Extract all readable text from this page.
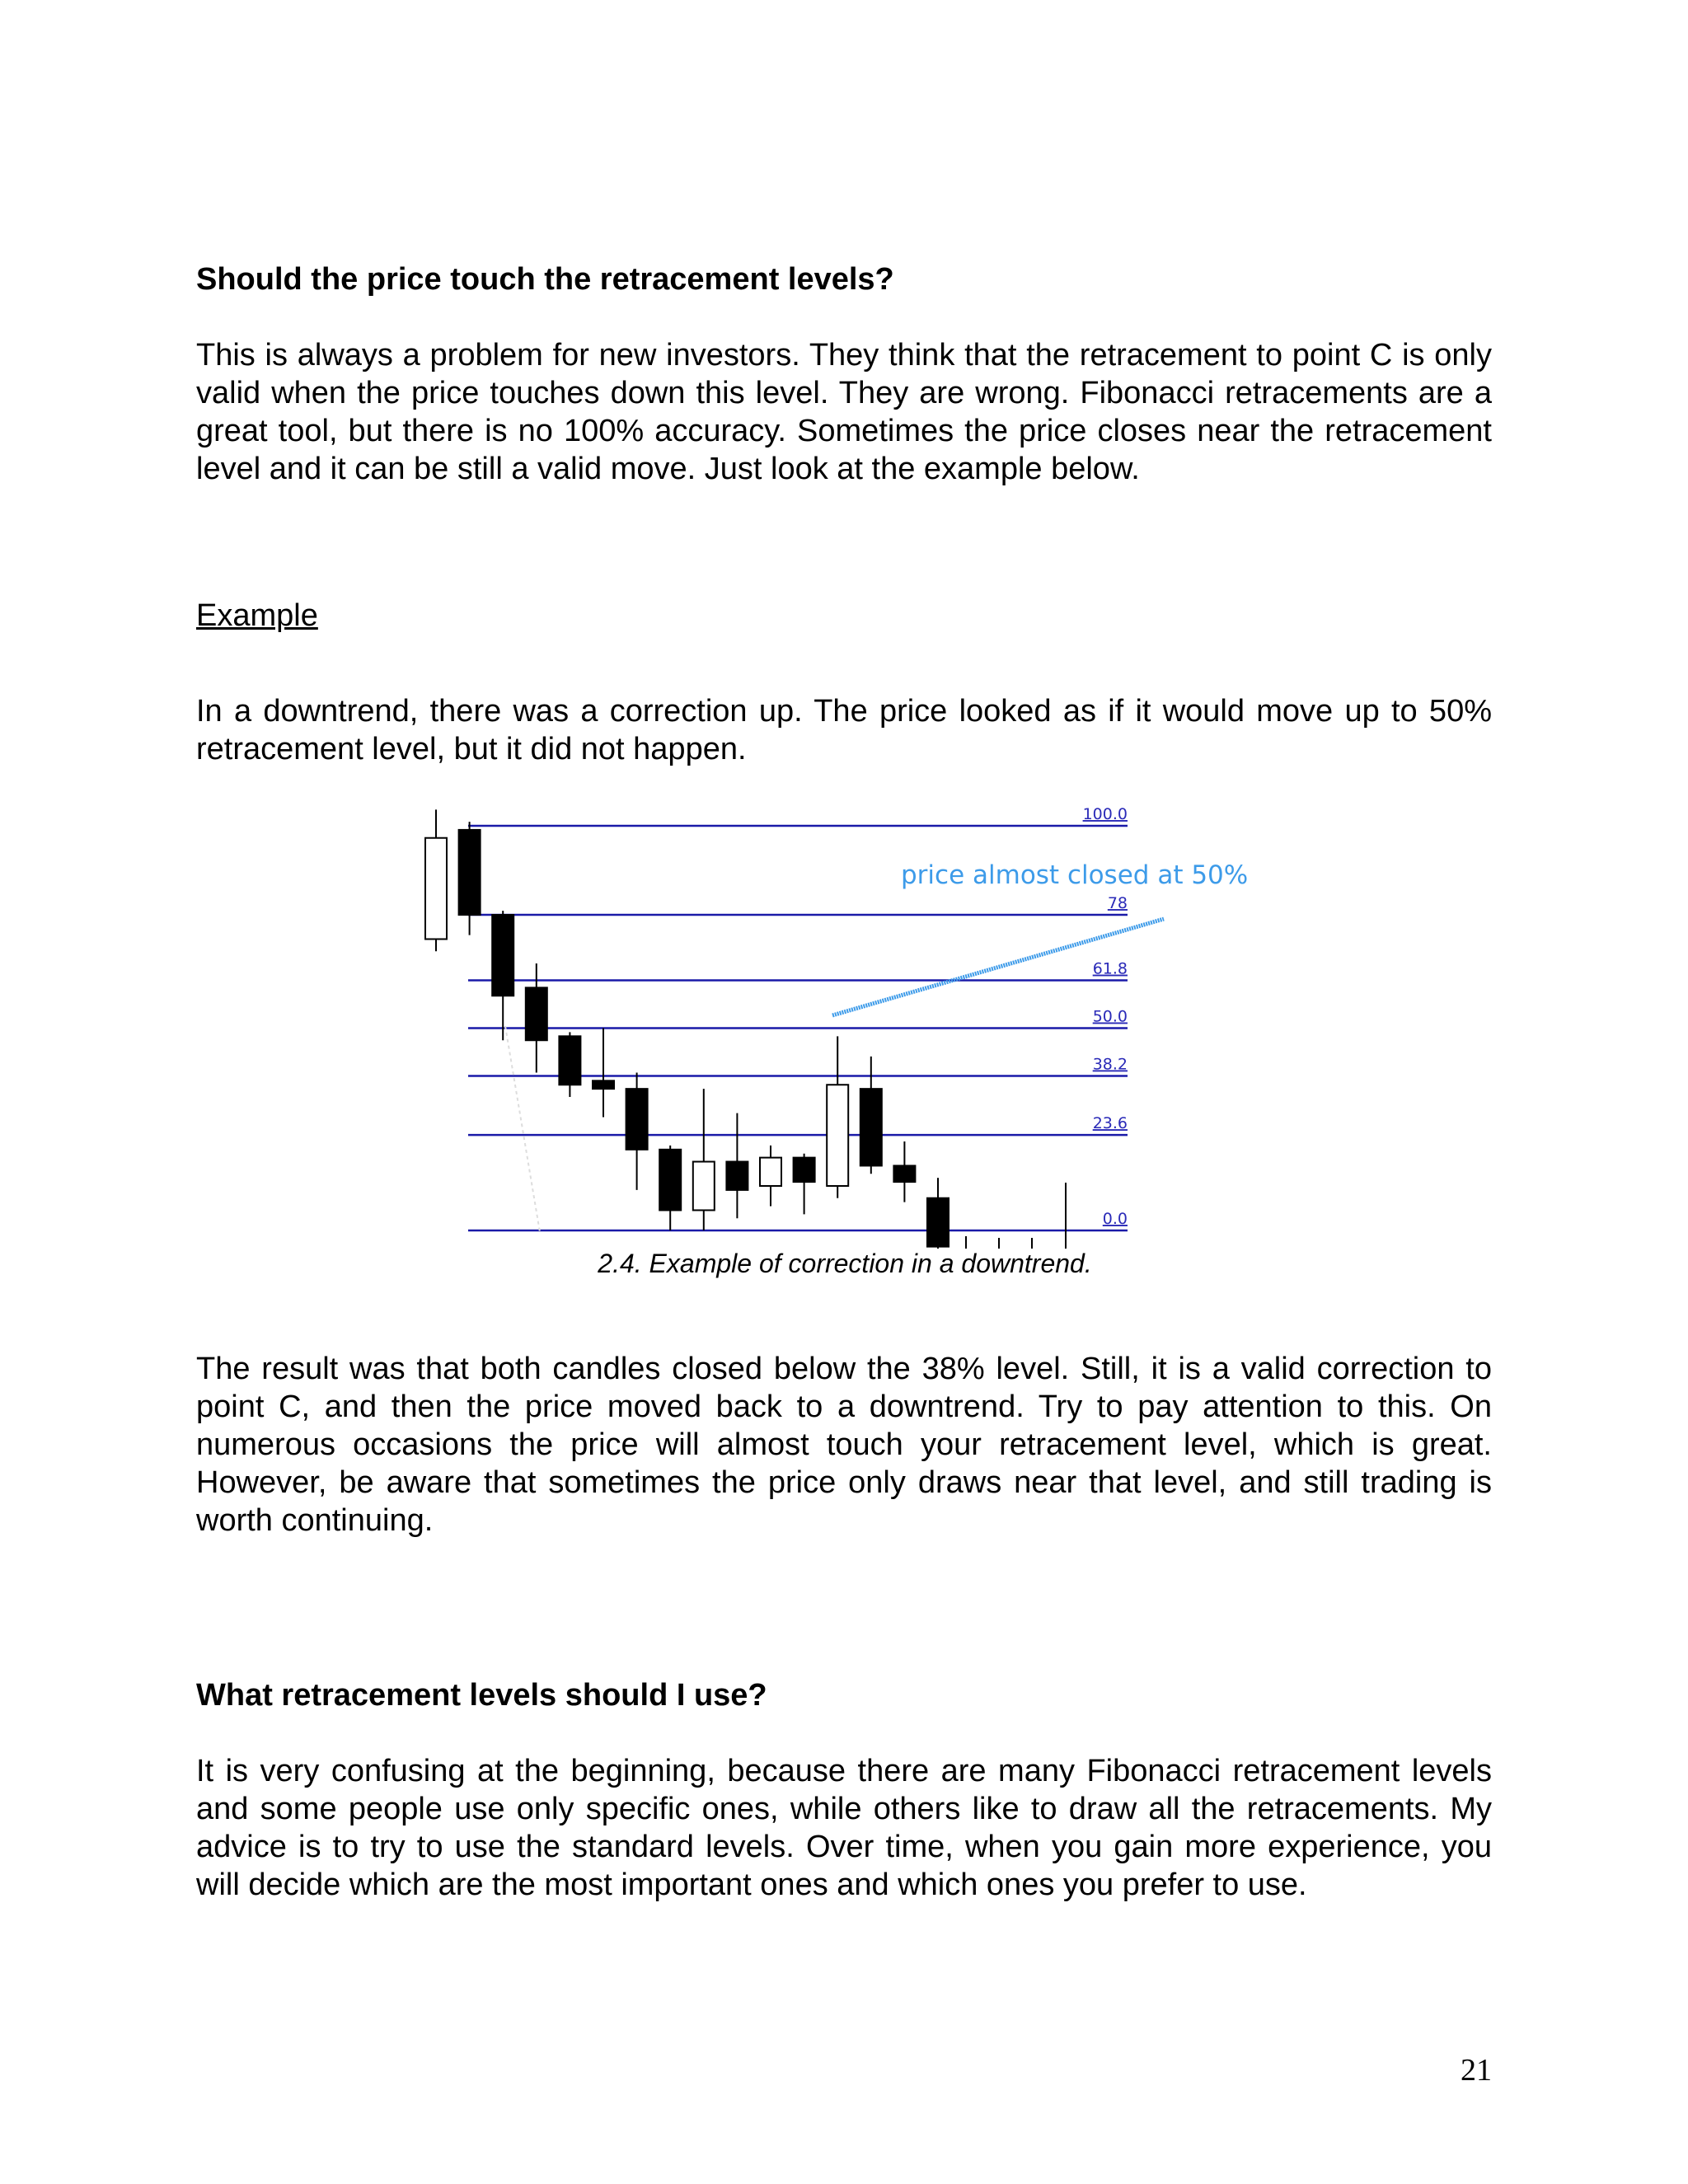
Should the price touch the retracement levels?
This is always a problem for new investors. They think that the retracement to point C is only valid when the price touches down this level. They are wrong. Fibonacci retracements are a great tool, but there is no 100% accuracy. Sometimes the price closes near the retracement level and it can be still a valid move. Just look at the example below.
Example
In a downtrend, there was a correction up. The price looked as if it would move up to 50% retracement level, but it did not happen.
100.0
78
61.8
50.0
38.2
23.6
0.0
price almost closed at 50%
2.4. Example of correction in a downtrend.
The result was that both candles closed below the 38% level. Still, it is a valid correction to point C, and then the price moved back to a downtrend. Try to pay attention to this. On numerous occasions the price will almost touch your retracement level, which is great. However, be aware that sometimes the price only draws near that level, and still trading is worth continuing.
What retracement levels should I use?
It is very confusing at the beginning, because there are many Fibonacci retracement levels and some people use only specific ones, while others like to draw all the retracements. My advice is to try to use the standard levels. Over time, when you gain more experience, you will decide which are the most important ones and which ones you prefer to use.
21
